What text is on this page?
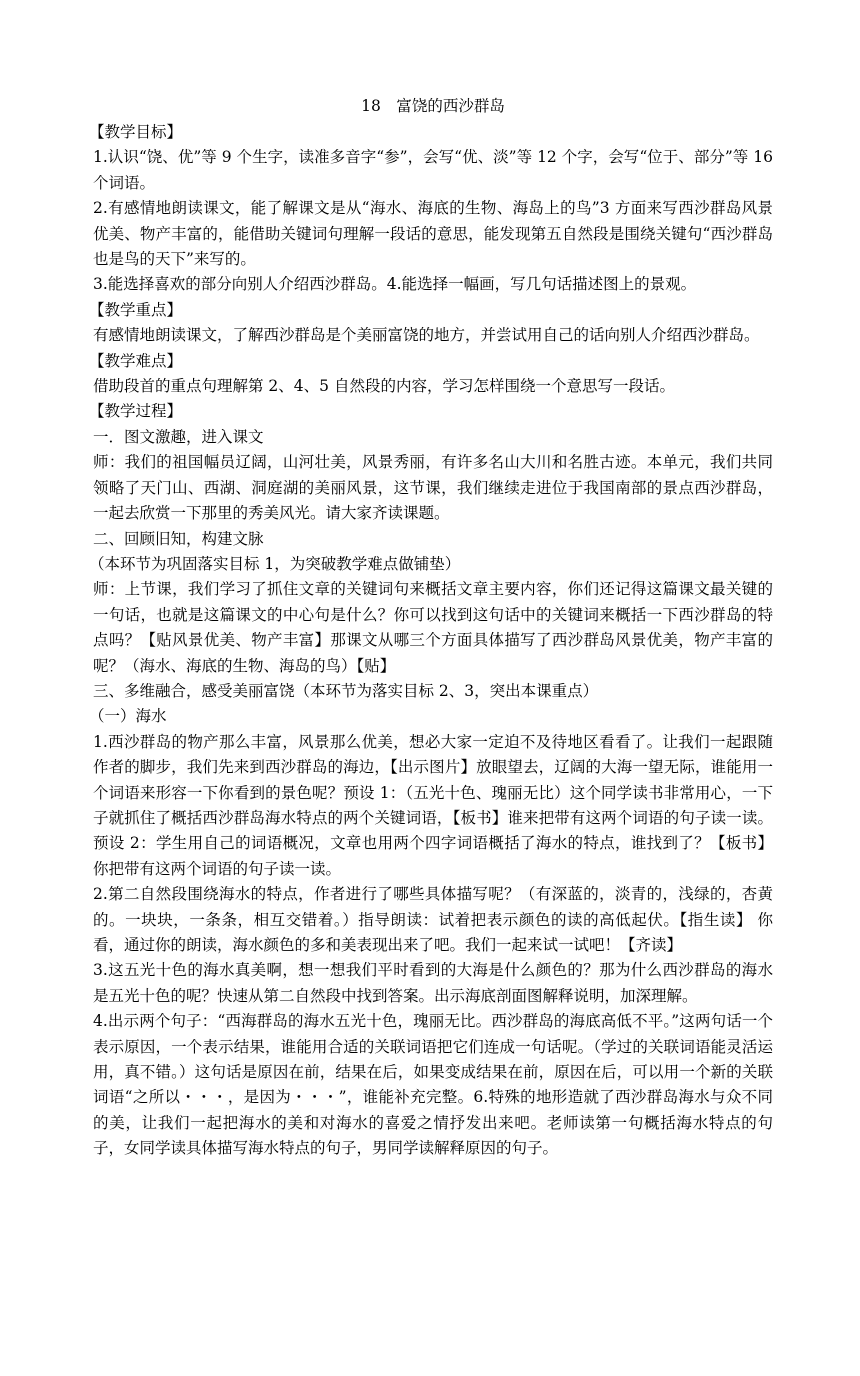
18　富饶的西沙群岛

【教学目标】

1.认识“饶、优”等 9 个生字，读准多音字“参”，会写“优、淡”等 12 个字，会写“位于、部分”等 16 个词语。

2.有感情地朗读课文，能了解课文是从“海水、海底的生物、海岛上的鸟”3 方面来写西沙群岛风景优美、物产丰富的，能借助关键词句理解一段话的意思，能发现第五自然段是围绕关键句“西沙群岛也是鸟的天下”来写的。

3.能选择喜欢的部分向别人介绍西沙群岛。4.能选择一幅画，写几句话描述图上的景观。

【教学重点】

有感情地朗读课文，了解西沙群岛是个美丽富饶的地方，并尝试用自己的话向别人介绍西沙群岛。

【教学难点】

借助段首的重点句理解第 2、4、5 自然段的内容，学习怎样围绕一个意思写一段话。

【教学过程】

一．图文激趣，进入课文

师：我们的祖国幅员辽阔，山河壮美，风景秀丽，有许多名山大川和名胜古迹。本单元，我们共同领略了天门山、西湖、洞庭湖的美丽风景，这节课，我们继续走进位于我国南部的景点西沙群岛，一起去欣赏一下那里的秀美风光。请大家齐读课题。

二、回顾旧知，构建文脉

（本环节为巩固落实目标 1，为突破教学难点做铺垫）

师：上节课，我们学习了抓住文章的关键词句来概括文章主要内容，你们还记得这篇课文最关键的一句话，也就是这篇课文的中心句是什么？你可以找到这句话中的关键词来概括一下西沙群岛的特点吗？【贴风景优美、物产丰富】那课文从哪三个方面具体描写了西沙群岛风景优美，物产丰富的呢？（海水、海底的生物、海岛的鸟）【贴】

三、多维融合，感受美丽富饶（本环节为落实目标 2、3，突出本课重点）

（一）海水

1.西沙群岛的物产那么丰富，风景那么优美，想必大家一定迫不及待地区看看了。让我们一起跟随作者的脚步，我们先来到西沙群岛的海边，【出示图片】放眼望去，辽阔的大海一望无际，谁能用一个词语来形容一下你看到的景色呢？预设 1：（五光十色、瑰丽无比）这个同学读书非常用心，一下子就抓住了概括西沙群岛海水特点的两个关键词语，【板书】谁来把带有这两个词语的句子读一读。预设 2：学生用自己的词语概况，文章也用两个四字词语概括了海水的特点，谁找到了？【板书】你把带有这两个词语的句子读一读。

2.第二自然段围绕海水的特点，作者进行了哪些具体描写呢？（有深蓝的，淡青的，浅绿的，杏黄的。一块块，一条条，相互交错着。）指导朗读：试着把表示颜色的读的高低起伏。【指生读】 你看，通过你的朗读，海水颜色的多和美表现出来了吧。我们一起来试一试吧！【齐读】

3.这五光十色的海水真美啊，想一想我们平时看到的大海是什么颜色的？那为什么西沙群岛的海水是五光十色的呢？快速从第二自然段中找到答案。出示海底剖面图解释说明，加深理解。

4.出示两个句子：“西海群岛的海水五光十色，瑰丽无比。西沙群岛的海底高低不平。”这两句话一个表示原因，一个表示结果，谁能用合适的关联词语把它们连成一句话呢。（学过的关联词语能灵活运用，真不错。）这句话是原因在前，结果在后，如果变成结果在前，原因在后，可以用一个新的关联词语“之所以・・・，是因为・・・”，谁能补充完整。6.特殊的地形造就了西沙群岛海水与众不同的美，让我们一起把海水的美和对海水的喜爱之情抒发出来吧。老师读第一句概括海水特点的句子，女同学读具体描写海水特点的句子，男同学读解释原因的句子。
